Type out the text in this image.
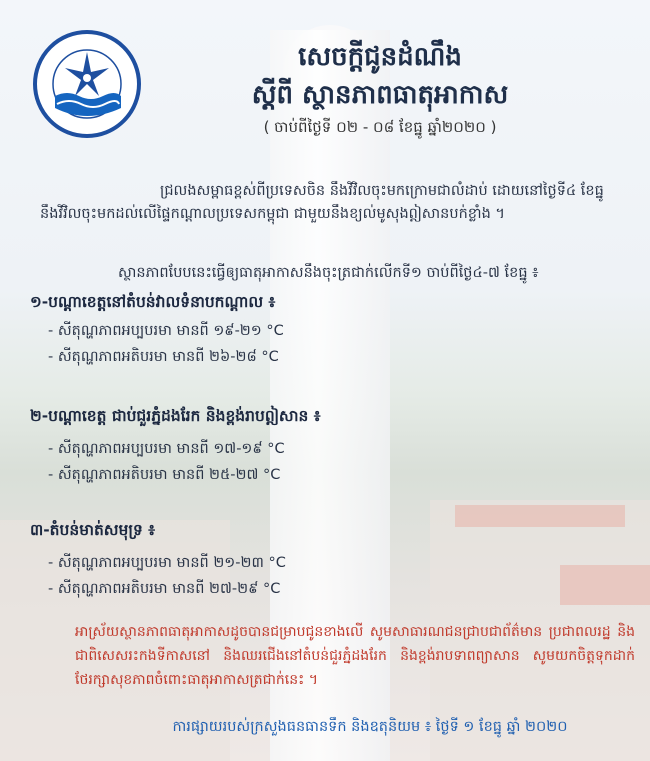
សេចក្តីជូនដំណឹង
ស្តីពី ស្ថានភាពធាតុអាកាស
( ចាប់ពីថ្ងៃទី ០២ - ០៨ ខែធ្នូ ឆ្នាំ២០២០ )
ជ្រលងសម្ពាធខ្ពស់ពីប្រទេសចិន នឹងវិវិលចុះមកក្រោមជាលំដាប់ ដោយនៅថ្ងៃទី៤ ខែធ្នូ នឹងវិវិលចុះមកដល់លើផ្ទៃកណ្ដាលប្រទេសកម្ពុជា ជាមួយនឹងខ្យល់មូសុងឦសានបក់ខ្លាំង ។
ស្ថានភាពបែបនេះធ្វើឲ្យធាតុអាកាសនឹងចុះត្រជាក់លើកទី១ ចាប់ពីថ្ងៃ៤-៧ ខែធ្នូ ៖
១-បណ្ដាខេត្តនៅតំបន់វាលទំនាបកណ្ដាល ៖
- សីតុណ្ហភាពអប្បបរមា មានពី ១៩-២១ °C
- សីតុណ្ហភាពអតិបរមា មានពី ២៦-២៨ °C
២-បណ្ដាខេត្ត ជាប់ជួរភ្នំដងរែក និងខ្ពង់រាបឦសាន ៖
- សីតុណ្ហភាពអប្បបរមា មានពី ១៧-១៩ °C
- សីតុណ្ហភាពអតិបរមា មានពី ២៥-២៧ °C
៣-តំបន់មាត់សមុទ្រ ៖
- សីតុណ្ហភាពអប្បបរមា មានពី ២១-២៣ °C
- សីតុណ្ហភាពអតិបរមា មានពី ២៧-២៩ °C
អាស្រ័យស្ថានភាពធាតុអាកាសដូចបានជម្រាបជូនខាងលើ សូមសាធារណជនជ្រាបជាព័ត៌មាន ប្រជាពលរដ្ឋ និងជាពិសេសរះកងទីកាសនៅ និងឈរជើងនៅតំបន់ជួរភ្នំដងរែក និងខ្ពង់រាបទាពព្យាសាន សូមយកចិត្តទុកដាក់ថែរក្សាសុខភាពចំពោះធាតុអាកាសត្រជាក់នេះ ។
ការផ្សាយរបស់ក្រសួងធនធានទឹក និងឧតុនិយម ៖ ថ្ងៃទី ១ ខែធ្នូ ឆ្នាំ ២០២០
